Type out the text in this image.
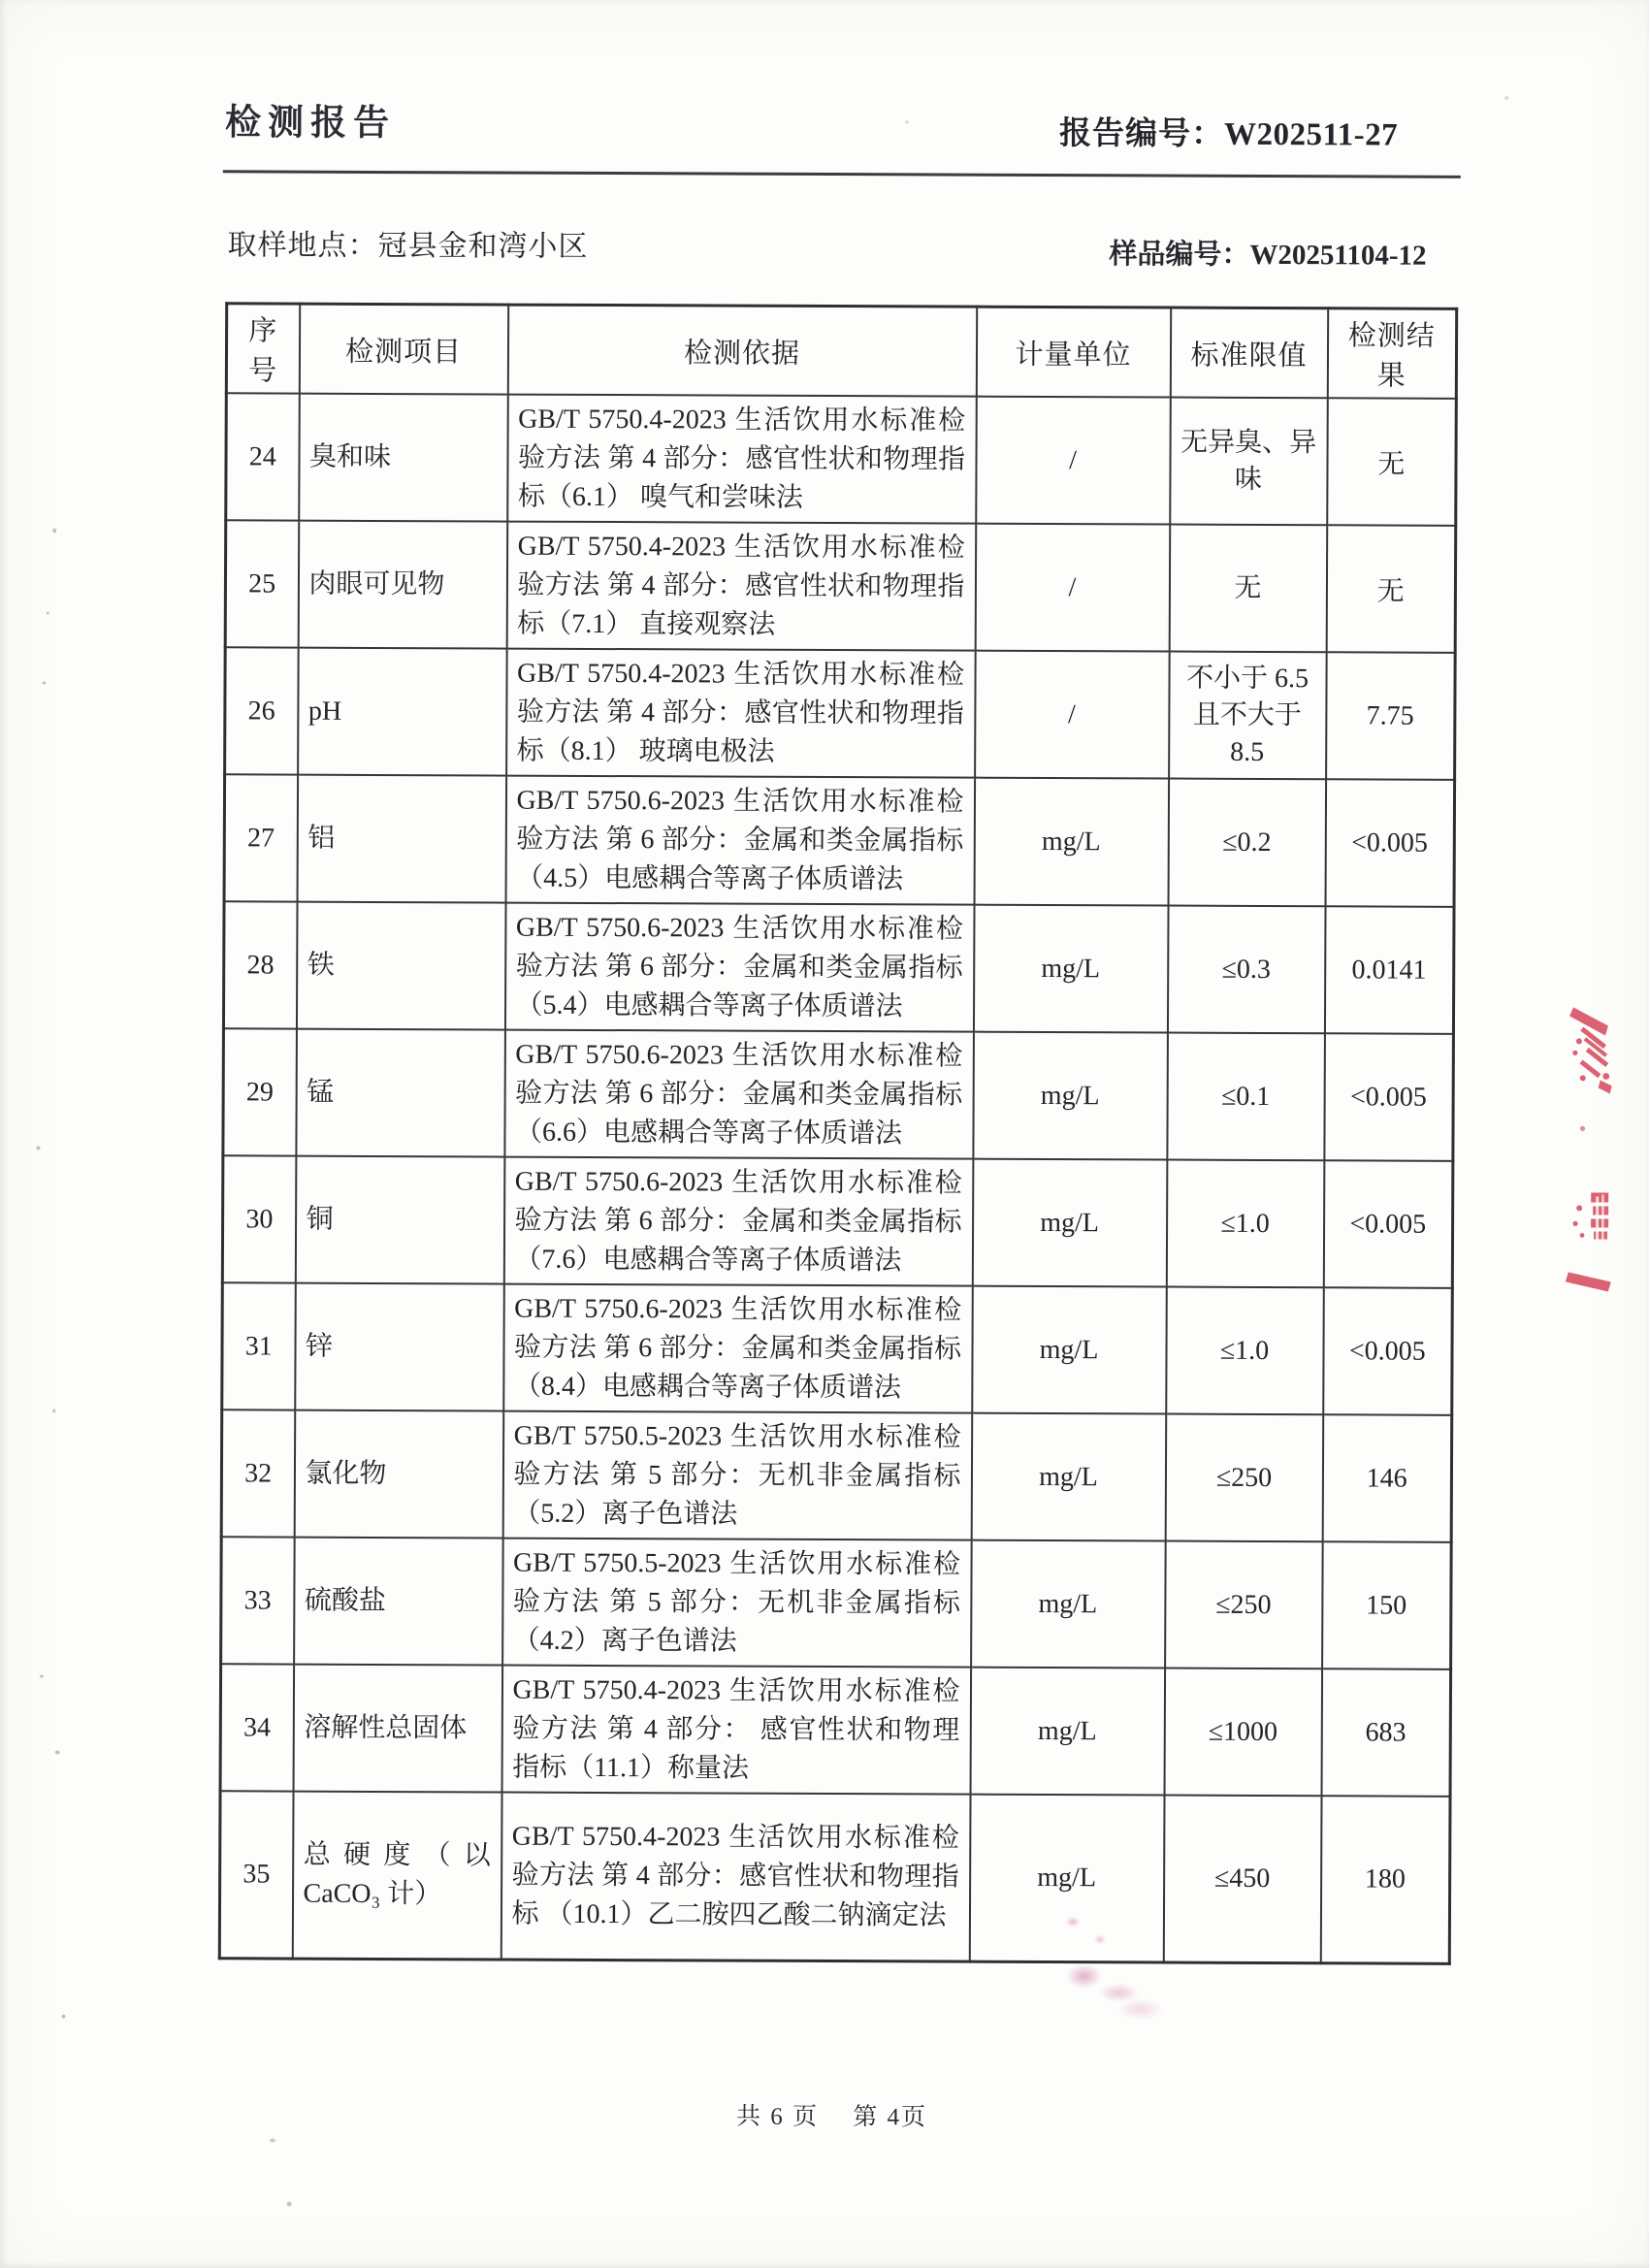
检测报告	报告编号：W202511-27
取样地点：冠县金和湾小区	样品编号：W20251104-12
序号	检测项目	检测依据	计量单位	标准限值	检测结果
24	臭和味	GB/T 5750.4-2023 生活饮用水标准检验方法 第 4 部分：感官性状和物理指标（6.1） 嗅气和尝味法	/	无异臭、异味	无
25	肉眼可见物	GB/T 5750.4-2023 生活饮用水标准检验方法 第 4 部分：感官性状和物理指标（7.1） 直接观察法	/	无	无
26	pH	GB/T 5750.4-2023 生活饮用水标准检验方法 第 4 部分：感官性状和物理指标（8.1） 玻璃电极法	/	不小于 6.5 且不大于 8.5	7.75
27	铝	GB/T 5750.6-2023 生活饮用水标准检验方法 第 6 部分：金属和类金属指标（4.5）电感耦合等离子体质谱法	mg/L	≤0.2	<0.005
28	铁	GB/T 5750.6-2023 生活饮用水标准检验方法 第 6 部分：金属和类金属指标（5.4）电感耦合等离子体质谱法	mg/L	≤0.3	0.0141
29	锰	GB/T 5750.6-2023 生活饮用水标准检验方法 第 6 部分：金属和类金属指标（6.6）电感耦合等离子体质谱法	mg/L	≤0.1	<0.005
30	铜	GB/T 5750.6-2023 生活饮用水标准检验方法 第 6 部分：金属和类金属指标（7.6）电感耦合等离子体质谱法	mg/L	≤1.0	<0.005
31	锌	GB/T 5750.6-2023 生活饮用水标准检验方法 第 6 部分：金属和类金属指标（8.4）电感耦合等离子体质谱法	mg/L	≤1.0	<0.005
32	氯化物	GB/T 5750.5-2023 生活饮用水标准检验方法 第 5 部分：无机非金属指标（5.2）离子色谱法	mg/L	≤250	146
33	硫酸盐	GB/T 5750.5-2023 生活饮用水标准检验方法 第 5 部分：无机非金属指标（4.2）离子色谱法	mg/L	≤250	150
34	溶解性总固体	GB/T 5750.4-2023 生活饮用水标准检验方法 第 4 部分： 感官性状和物理指标（11.1）称量法	mg/L	≤1000	683
35	总 硬 度 （ 以 CaCO₃ 计）	GB/T 5750.4-2023 生活饮用水标准检验方法 第 4 部分：感官性状和物理指标 （10.1）乙二胺四乙酸二钠滴定法	mg/L	≤450	180
共 6 页　 第 4页
